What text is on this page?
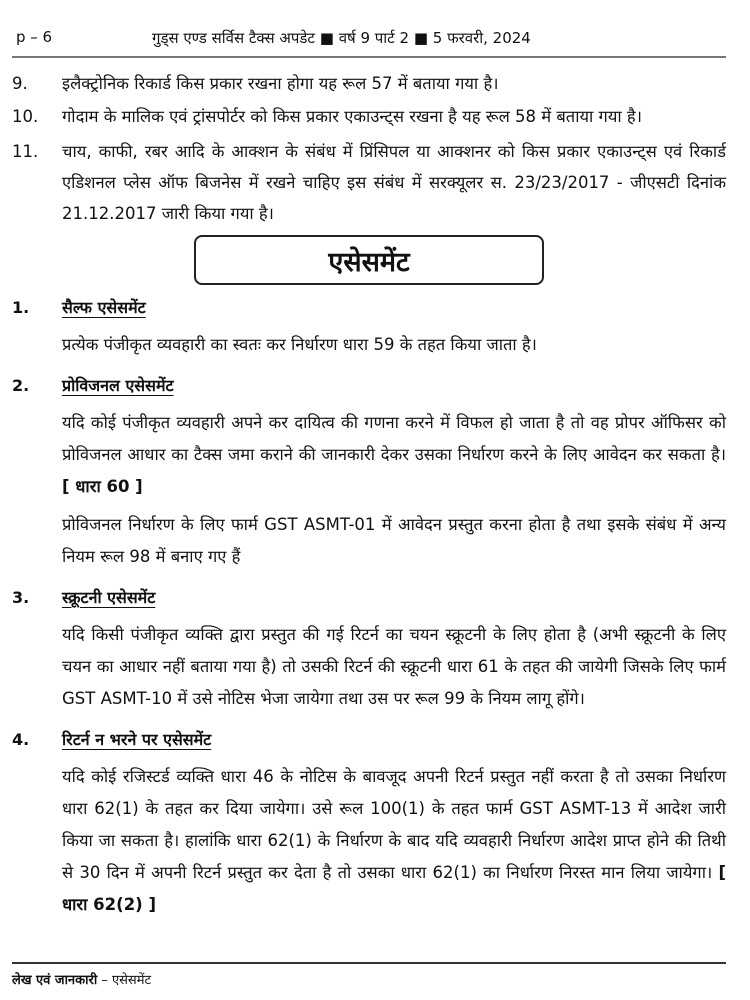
p – 6	गुड्स एण्ड सर्विस टैक्स अपडेट ■ वर्ष 9 पार्ट 2 ■ 5 फरवरी, 2024
9. इलैक्ट्रोनिक रिकार्ड किस प्रकार रखना होगा यह रूल 57 में बताया गया है।
10. गोदाम के मालिक एवं ट्रांसपोर्टर को किस प्रकार एकाउन्ट्स रखना है यह रूल 58 में बताया गया है।
11. चाय, काफी, रबर आदि के आक्शन के संबंध में प्रिंसिपल या आक्शनर को किस प्रकार एकाउन्ट्स एवं रिकार्ड एडिशनल प्लेस ऑफ बिजनेस में रखने चाहिए इस संबंध में सरक्यूलर स. 23/23/2017 - जीएसटी दिनांक 21.12.2017 जारी किया गया है।
एसेसमेंट
1. सैल्फ एसेसमेंट
प्रत्येक पंजीकृत व्यवहारी का स्वतः कर निर्धारण धारा 59 के तहत किया जाता है।
2. प्रोविजनल एसेसमेंट
यदि कोई पंजीकृत व्यवहारी अपने कर दायित्व की गणना करने में विफल हो जाता है तो वह प्रोपर ऑफिसर को प्रोविजनल आधार का टैक्स जमा कराने की जानकारी देकर उसका निर्धारण करने के लिए आवेदन कर सकता है। [ धारा 60 ]
प्रोविजनल निर्धारण के लिए फार्म GST ASMT-01 में आवेदन प्रस्तुत करना होता है तथा इसके संबंध में अन्य नियम रूल 98 में बनाए गए हैं
3. स्क्रूटनी एसेसमेंट
यदि किसी पंजीकृत व्यक्ति द्वारा प्रस्तुत की गई रिटर्न का चयन स्क्रूटनी के लिए होता है (अभी स्क्रूटनी के लिए चयन का आधार नहीं बताया गया है) तो उसकी रिटर्न की स्क्रूटनी धारा 61 के तहत की जायेगी जिसके लिए फार्म GST ASMT-10 में उसे नोटिस भेजा जायेगा तथा उस पर रूल 99 के नियम लागू होंगे।
4. रिटर्न न भरने पर एसेसमेंट
यदि कोई रजिस्टर्ड व्यक्ति धारा 46 के नोटिस के बावजूद अपनी रिटर्न प्रस्तुत नहीं करता है तो उसका निर्धारण धारा 62(1) के तहत कर दिया जायेगा। उसे रूल 100(1) के तहत फार्म GST ASMT-13 में आदेश जारी किया जा सकता है। हालांकि धारा 62(1) के निर्धारण के बाद यदि व्यवहारी निर्धारण आदेश प्राप्त होने की तिथी से 30 दिन में अपनी रिटर्न प्रस्तुत कर देता है तो उसका धारा 62(1) का निर्धारण निरस्त मान लिया जायेगा। [ धारा 62(2) ]
लेख एवं जानकारी – एसेसमेंट
